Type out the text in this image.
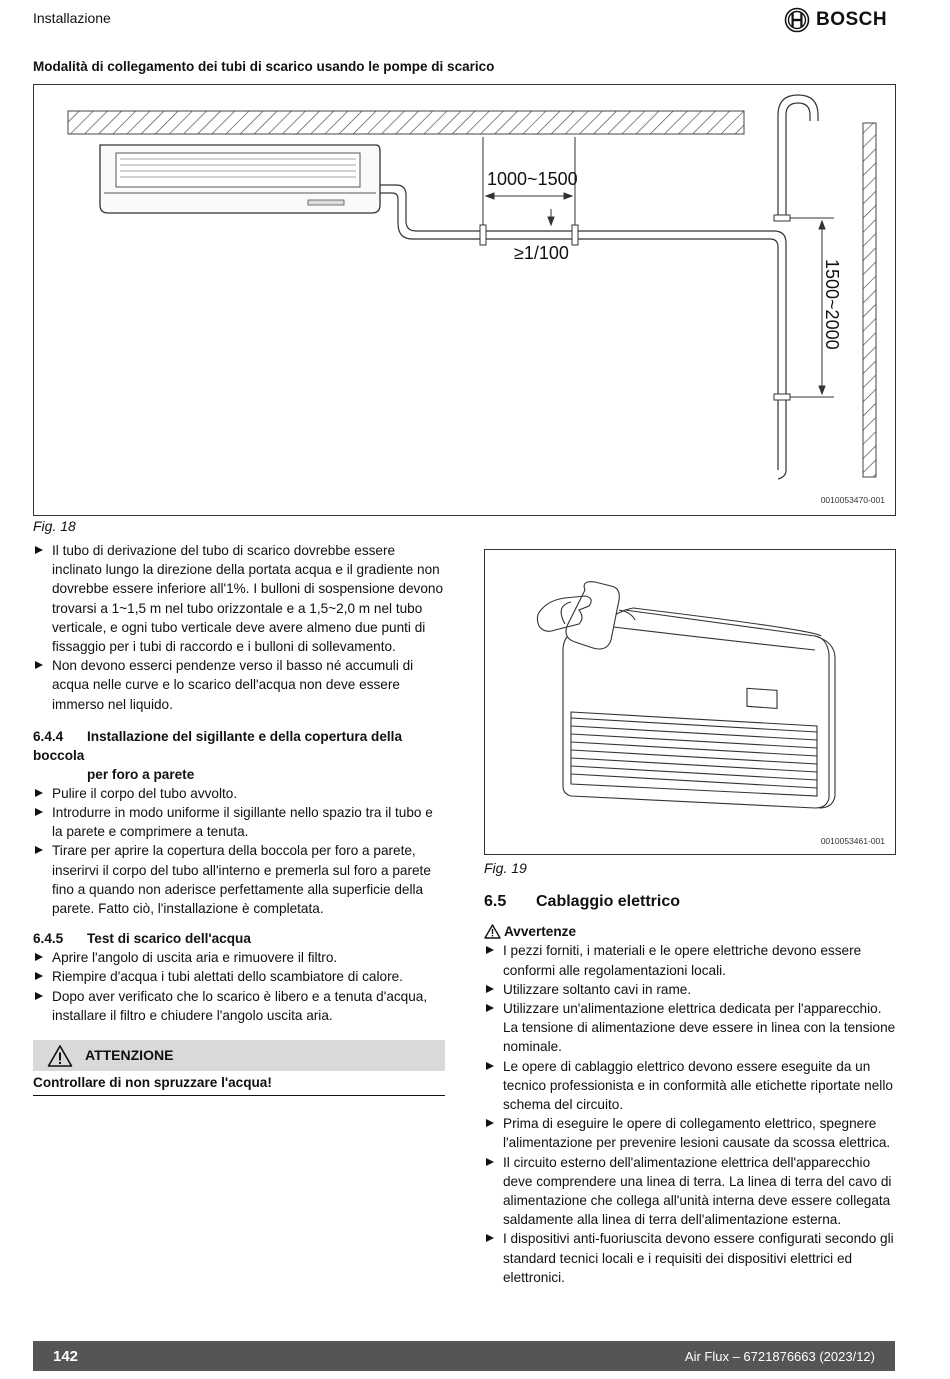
Installazione	BOSCH
Modalità di collegamento dei tubi di scarico usando le pompe di scarico
1000~1500
≥1/100
1500~2000
0010053470-001
Fig. 18
Il tubo di derivazione del tubo di scarico dovrebbe essere inclinato lungo la direzione della portata acqua e il gradiente non dovrebbe essere inferiore all'1%. I bulloni di sospensione devono trovarsi a 1~1,5 m nel tubo orizzontale e a 1,5~2,0 m nel tubo verticale, e ogni tubo verticale deve avere almeno due punti di fissaggio per i tubi di raccordo e i bulloni di sollevamento.
Non devono esserci pendenze verso il basso né accumuli di acqua nelle curve e lo scarico dell'acqua non deve essere immerso nel liquido.
6.4.4 Installazione del sigillante e della copertura della boccola
per foro a parete
Pulire il corpo del tubo avvolto.
Introdurre in modo uniforme il sigillante nello spazio tra il tubo e la parete e comprimere a tenuta.
Tirare per aprire la copertura della boccola per foro a parete, inserirvi il corpo del tubo all'interno e premerla sul foro a parete fino a quando non aderisce perfettamente alla superficie della parete. Fatto ciò, l'installazione è completata.
6.4.5 Test di scarico dell'acqua
Aprire l'angolo di uscita aria e rimuovere il filtro.
Riempire d'acqua i tubi alettati dello scambiatore di calore.
Dopo aver verificato che lo scarico è libero e a tenuta d'acqua, installare il filtro e chiudere l'angolo uscita aria.
ATTENZIONE
Controllare di non spruzzare l'acqua!
0010053461-001
Fig. 19
6.5 Cablaggio elettrico
Avvertenze
I pezzi forniti, i materiali e le opere elettriche devono essere conformi alle regolamentazioni locali.
Utilizzare soltanto cavi in rame.
Utilizzare un'alimentazione elettrica dedicata per l'apparecchio. La tensione di alimentazione deve essere in linea con la tensione nominale.
Le opere di cablaggio elettrico devono essere eseguite da un tecnico professionista e in conformità alle etichette riportate nello schema del circuito.
Prima di eseguire le opere di collegamento elettrico, spegnere l'alimentazione per prevenire lesioni causate da scossa elettrica.
Il circuito esterno dell'alimentazione elettrica dell'apparecchio deve comprendere una linea di terra. La linea di terra del cavo di alimentazione che collega all'unità interna deve essere collegata saldamente alla linea di terra dell'alimentazione esterna.
I dispositivi anti-fuoriuscita devono essere configurati secondo gli standard tecnici locali e i requisiti dei dispositivi elettrici ed elettronici.
142	Air Flux – 6721876663 (2023/12)
